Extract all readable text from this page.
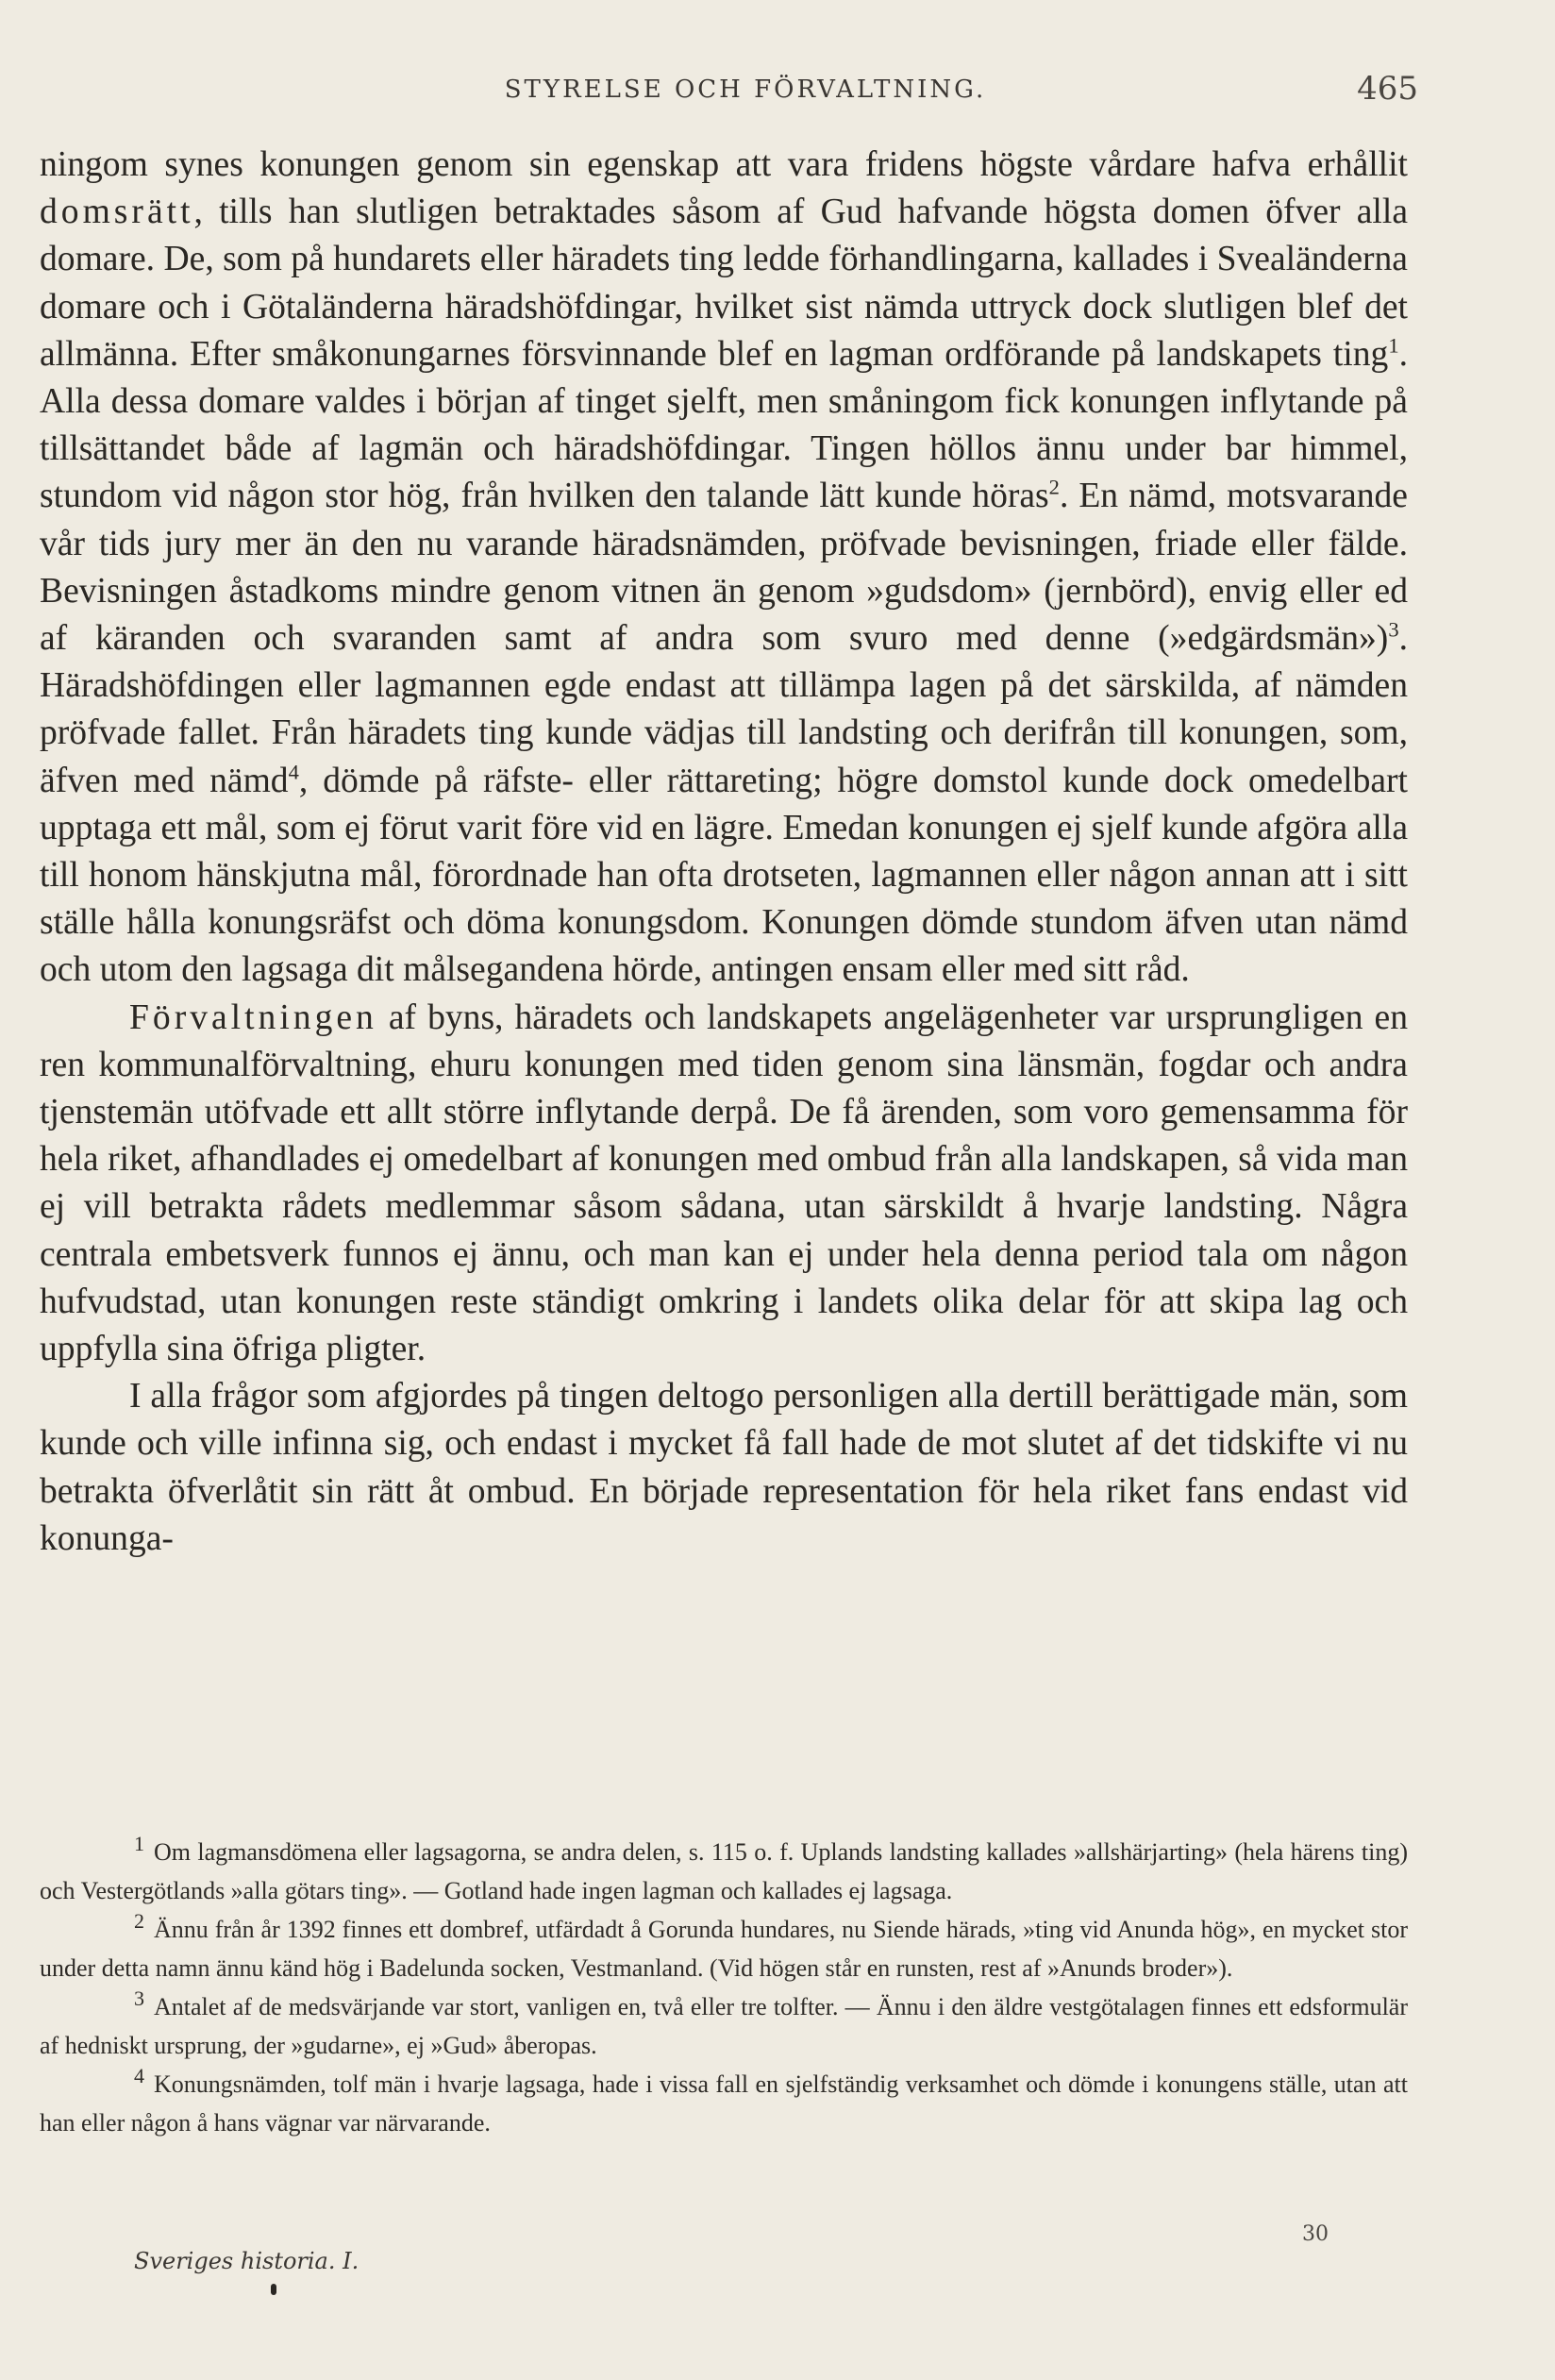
STYRELSE OCH FÖRVALTNING.	465

ningom synes konungen genom sin egenskap att vara fridens högste vårdare hafva erhållit domsrätt, tills han slutligen betraktades såsom af Gud hafvande högsta domen öfver alla domare. De, som på hundarets eller häradets ting ledde förhandlingarna, kallades i Svealänderna domare och i Götaländerna häradshöfdingar, hvilket sist nämda uttryck dock slutligen blef det allmänna. Efter småkonungarnes försvinnande blef en lagman ordförande på landskapets ting$^1$. Alla dessa domare valdes i början af tinget sjelft, men småningom fick konungen inflytande på tillsättandet både af lagmän och häradshöfdingar. Tingen höllos ännu under bar himmel, stundom vid någon stor hög, från hvilken den talande lätt kunde höras$^2$. En nämd, motsvarande vår tids jury mer än den nu varande häradsnämden, pröfvade bevisningen, friade eller fälde. Bevisningen åstadkoms mindre genom vitnen än genom »gudsdom» (jernbörd), envig eller ed af käranden och svaranden samt af andra som svuro med denne (»edgärdsmän»)$^3$. Häradshöfdingen eller lagmannen egde endast att tillämpa lagen på det särskilda, af nämden pröfvade fallet. Från häradets ting kunde vädjas till landsting och derifrån till konungen, som, äfven med nämd$^4$, dömde på räfste- eller rättareting; högre domstol kunde dock omedelbart upptaga ett mål, som ej förut varit före vid en lägre. Emedan konungen ej sjelf kunde afgöra alla till honom hänskjutna mål, förordnade han ofta drotseten, lagmannen eller någon annan att i sitt ställe hålla konungsräfst och döma konungsdom. Konungen dömde stundom äfven utan nämd och utom den lagsaga dit målsegandena hörde, antingen ensam eller med sitt råd.

Förvaltningen af byns, häradets och landskapets angelägenheter var ursprungligen en ren kommunalförvaltning, ehuru konungen med tiden genom sina länsmän, fogdar och andra tjenstemän utöfvade ett allt större inflytande derpå. De få ärenden, som voro gemensamma för hela riket, afhandlades ej omedelbart af konungen med ombud från alla landskapen, så vida man ej vill betrakta rådets medlemmar såsom sådana, utan särskildt å hvarje landsting. Några centrala embetsverk funnos ej ännu, och man kan ej under hela denna period tala om någon hufvudstad, utan konungen reste ständigt omkring i landets olika delar för att skipa lag och uppfylla sina öfriga pligter.

I alla frågor som afgjordes på tingen deltogo personligen alla dertill berättigade män, som kunde och ville infinna sig, och endast i mycket få fall hade de mot slutet af det tidskifte vi nu betrakta öfverlåtit sin rätt åt ombud. En började representation för hela riket fans endast vid konunga-

$^1$ Om lagmansdömena eller lagsagorna, se andra delen, s. 115 o. f. Uplands landsting kallades »allshärjarting» (hela härens ting) och Vestergötlands »alla götars ting». — Gotland hade ingen lagman och kallades ej lagsaga.

$^2$ Ännu från år 1392 finnes ett dombref, utfärdadt å Gorunda hundares, nu Siende härads, »ting vid Anunda hög», en mycket stor under detta namn ännu känd hög i Badelunda socken, Vestmanland. (Vid högen står en runsten, rest af »Anunds broder»).

$^3$ Antalet af de medsvärjande var stort, vanligen en, två eller tre tolfter. — Ännu i den äldre vestgötalagen finnes ett edsformulär af hedniskt ursprung, der »gudarne», ej »Gud» åberopas.

$^4$ Konungsnämden, tolf män i hvarje lagsaga, hade i vissa fall en sjelfständig verksamhet och dömde i konungens ställe, utan att han eller någon å hans vägnar var närvarande.

Sveriges historia. I.
30
